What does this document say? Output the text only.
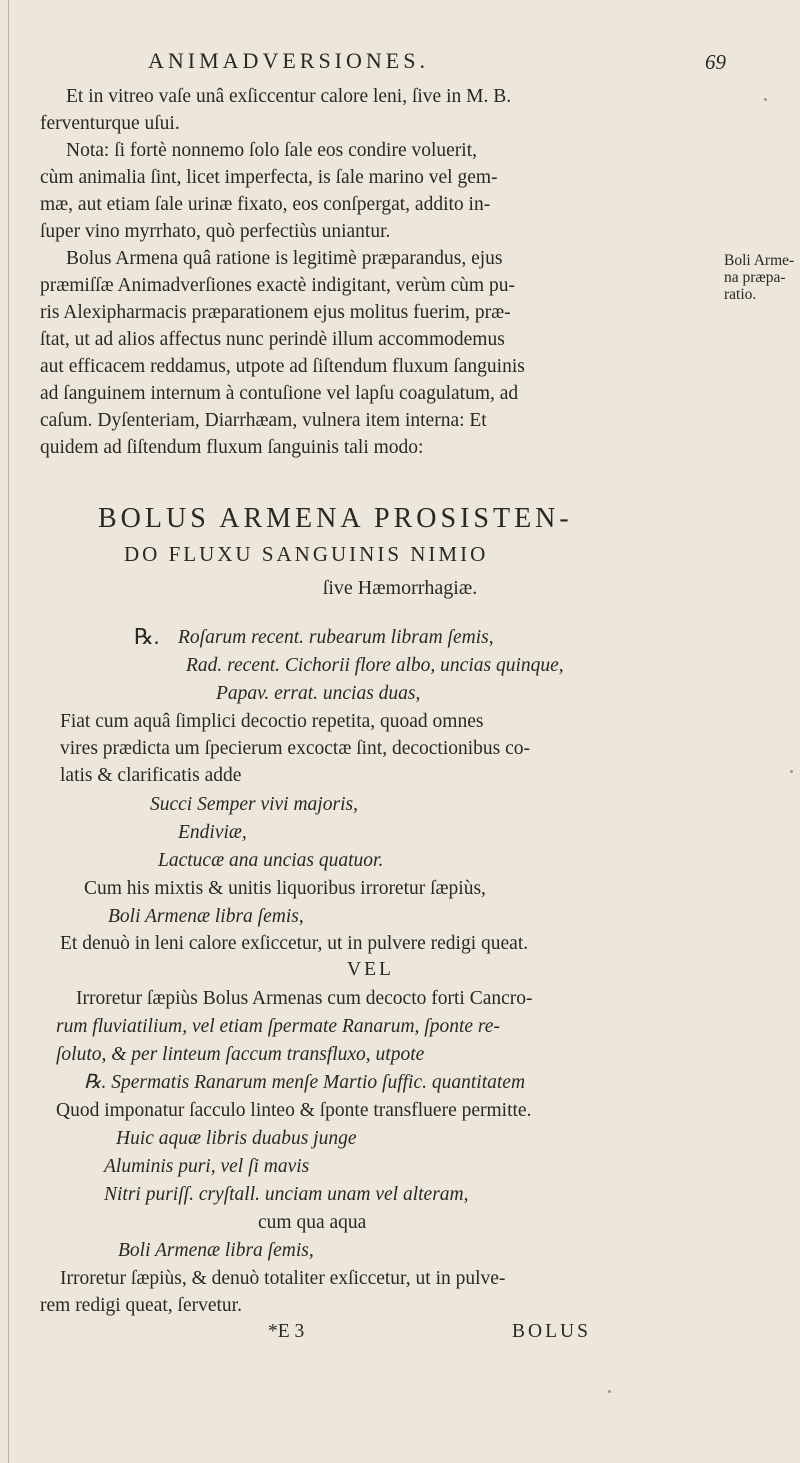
ANIMADVERSIONES.	69
Et in vitreo vaſe unâ exſiccentur calore leni, ſive in M. B.
ferventurque uſui.
Nota: ſi fortè nonnemo ſolo ſale eos condire voluerit,
cùm animalia ſint, licet imperfecta, is ſale marino vel gem-
mæ, aut etiam ſale urinæ fixato, eos conſpergat, addito in-
ſuper vino myrrhato, quò perfectiùs uniantur.
Bolus Armena quâ ratione is legitimè præparandus, ejus
præmiſſæ Animadverſiones exactè indigitant, verùm cùm pu-
ris Alexipharmacis præparationem ejus molitus fuerim, præ-
ſtat, ut ad alios affectus nunc perindè illum accommodemus
aut efficacem reddamus, utpote ad ſiſtendum fluxum ſanguinis
ad ſanguinem internum à contuſione vel lapſu coagulatum, ad
caſum. Dyſenteriam, Diarrhæam, vulnera item interna: Et
quidem ad ſiſtendum fluxum ſanguinis tali modo:
Boli Arme-
na præpa-
ratio.
BOLUS ARMENA PROSISTEN-
DO FLUXU SANGUINIS NIMIO
ſive Hæmorrhagiæ.
℞. Roſarum recent. rubearum libram ſemis,
Rad. recent. Cichorii flore albo, uncias quinque,
Papav. errat. uncias duas,
Fiat cum aquâ ſimplici decoctio repetita, quoad omnes
vires prædicta um ſpecierum excoctæ ſint, decoctionibus co-
latis & clarificatis adde
Succi Semper vivi majoris,
Endiviæ,
Lactucæ ana uncias quatuor.
Cum his mixtis & unitis liquoribus irroretur ſæpiùs,
Boli Armenæ libra ſemis,
Et denuò in leni calore exſiccetur, ut in pulvere redigi queat.
VEL
Irroretur ſæpiùs Bolus Armenas cum decocto forti Cancro-
rum fluviatilium, vel etiam ſpermate Ranarum, ſponte re-
ſoluto, & per linteum ſaccum transfluxo, utpote
℞. Spermatis Ranarum menſe Martio ſuffic. quantitatem
Quod imponatur ſacculo linteo & ſponte transfluere permitte.
Huic aquæ libris duabus junge
Aluminis puri, vel ſi mavis
Nitri puriſſ. cryſtall. unciam unam vel alteram,
cum qua aqua
Boli Armenæ libra ſemis,
Irroretur ſæpiùs, & denuò totaliter exſiccetur, ut in pulve-
rem redigi queat, ſervetur.
*E 3	BOLUS
